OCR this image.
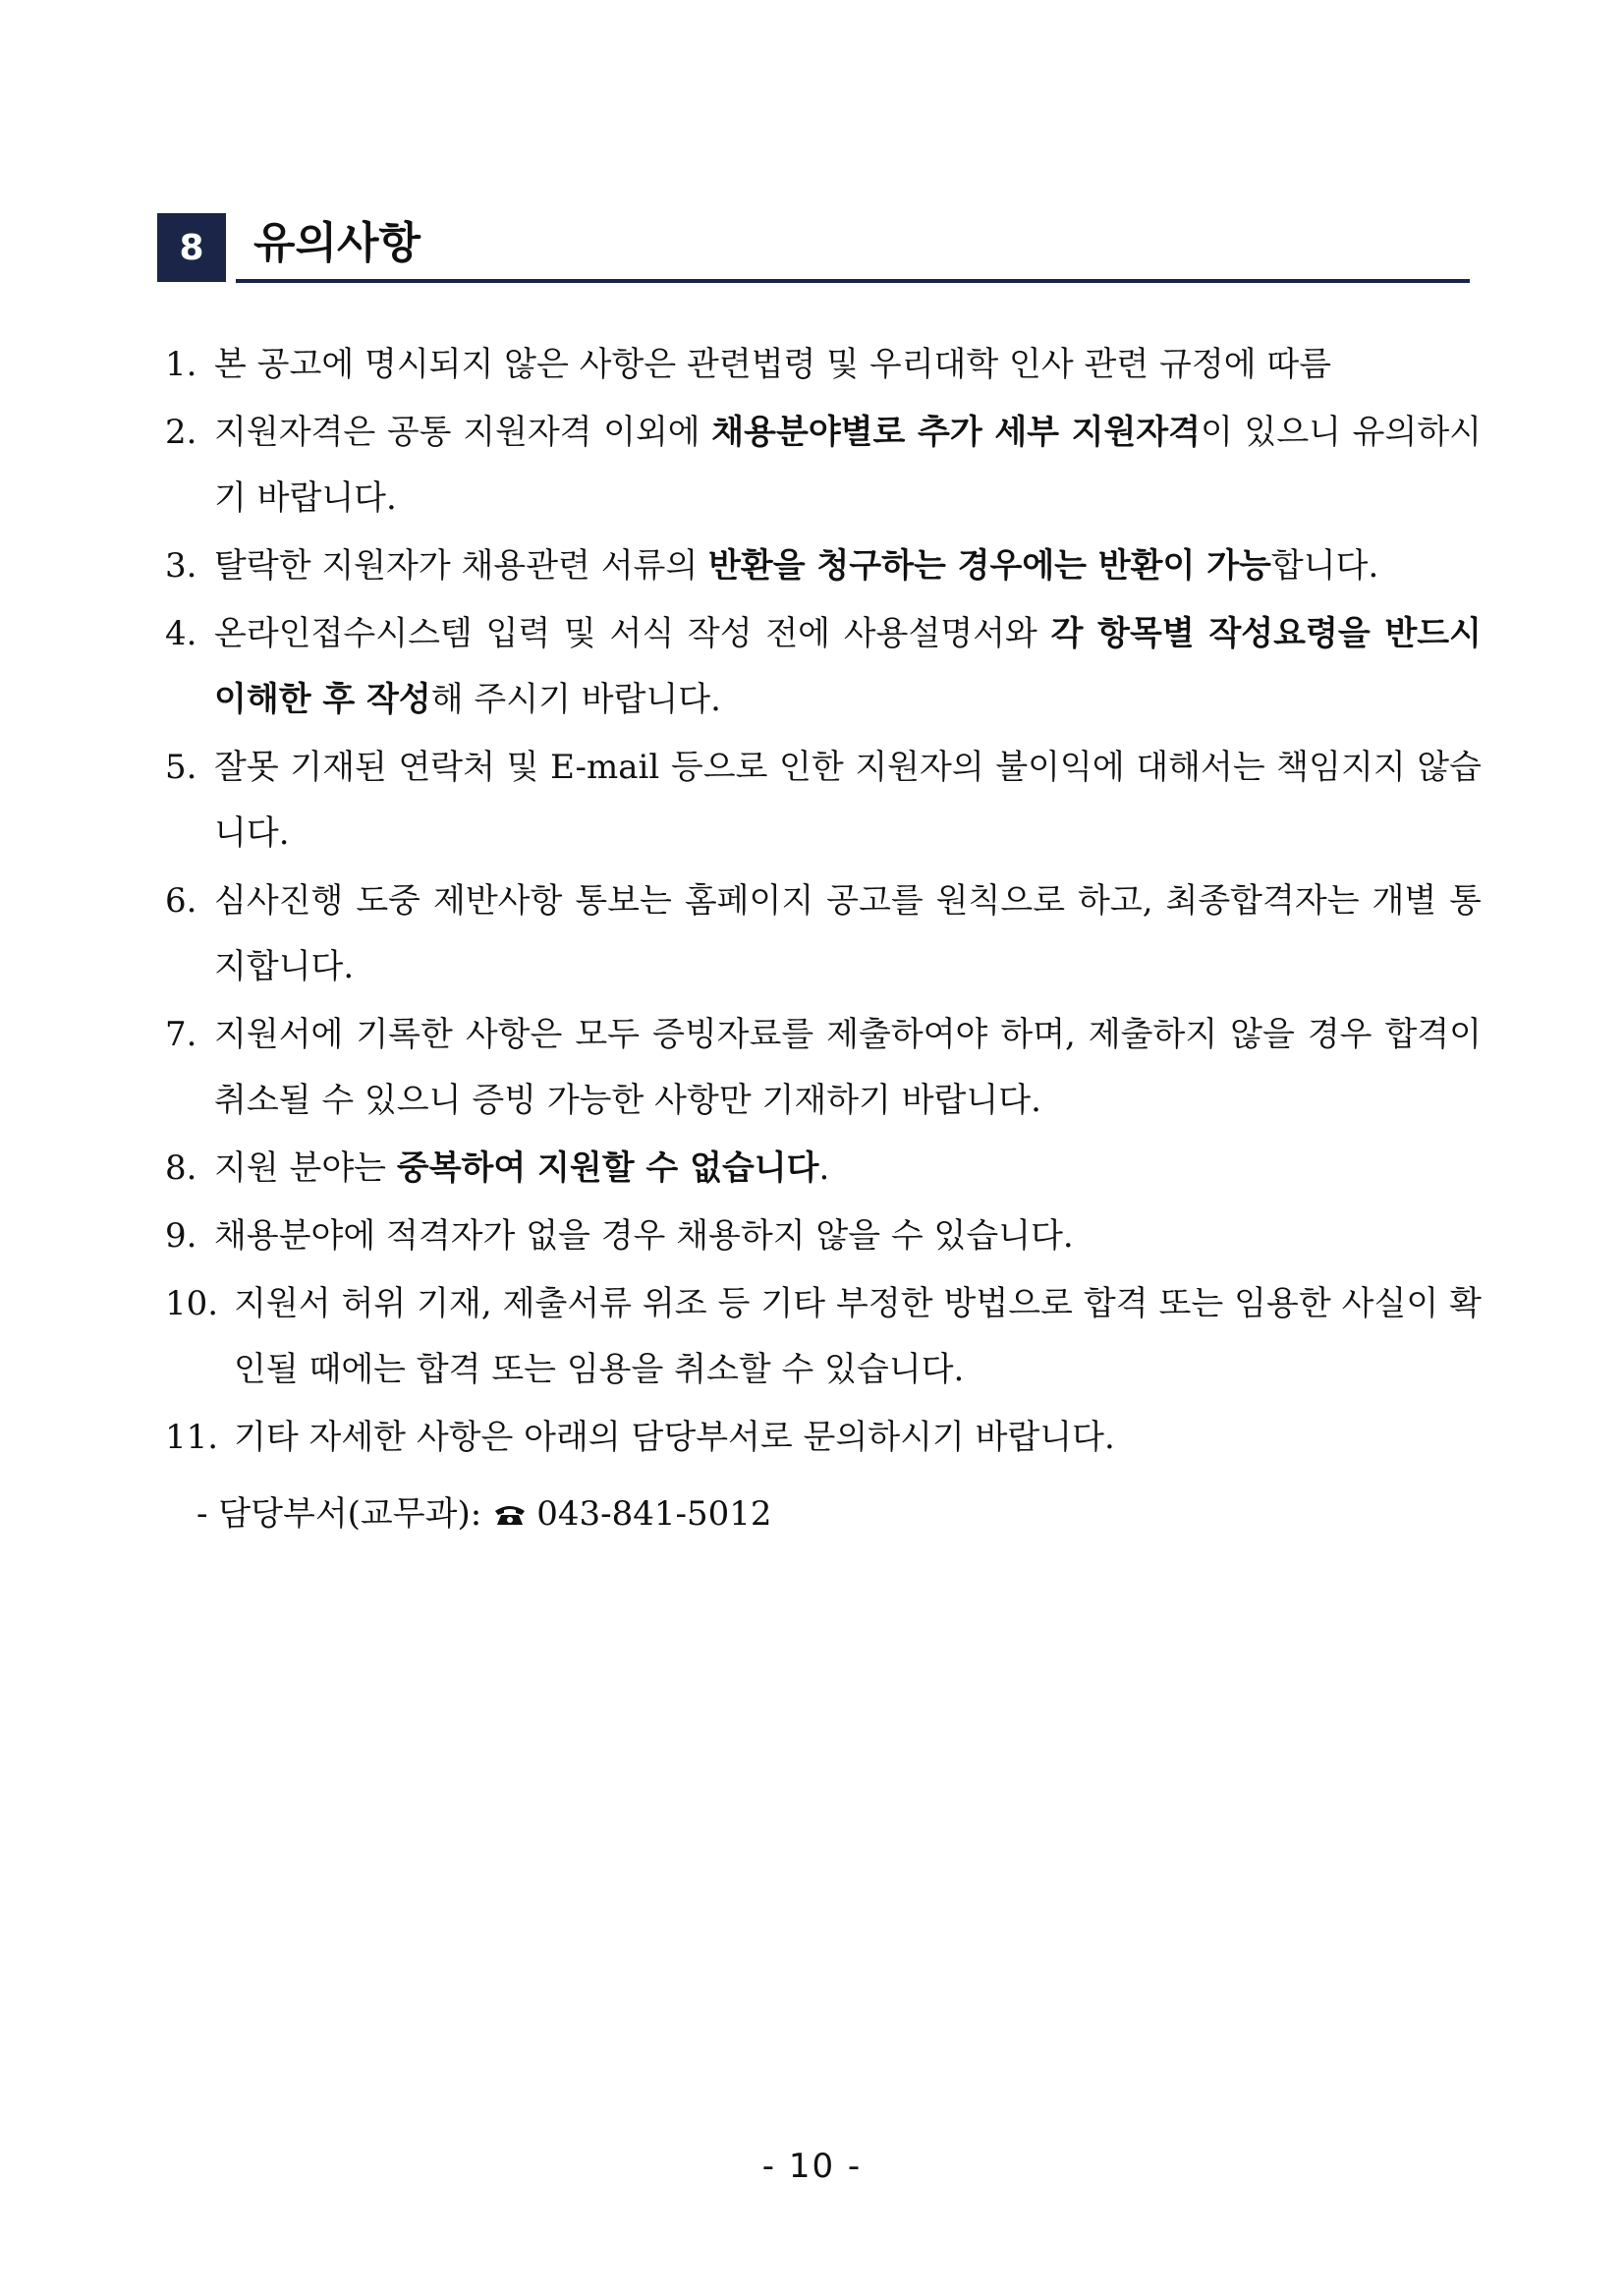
8 유의사항
1. 본 공고에 명시되지 않은 사항은 관련법령 및 우리대학 인사 관련 규정에 따름
2. 지원자격은 공통 지원자격 이외에 채용분야별로 추가 세부 지원자격이 있으니 유의하시기 바랍니다.
3. 탈락한 지원자가 채용관련 서류의 반환을 청구하는 경우에는 반환이 가능합니다.
4. 온라인접수시스템 입력 및 서식 작성 전에 사용설명서와 각 항목별 작성요령을 반드시 이해한 후 작성해 주시기 바랍니다.
5. 잘못 기재된 연락처 및 E-mail 등으로 인한 지원자의 불이익에 대해서는 책임지지 않습니다.
6. 심사진행 도중 제반사항 통보는 홈페이지 공고를 원칙으로 하고, 최종합격자는 개별 통지합니다.
7. 지원서에 기록한 사항은 모두 증빙자료를 제출하여야 하며, 제출하지 않을 경우 합격이 취소될 수 있으니 증빙 가능한 사항만 기재하기 바랍니다.
8. 지원 분야는 중복하여 지원할 수 없습니다.
9. 채용분야에 적격자가 없을 경우 채용하지 않을 수 있습니다.
10. 지원서 허위 기재, 제출서류 위조 등 기타 부정한 방법으로 합격 또는 임용한 사실이 확인될 때에는 합격 또는 임용을 취소할 수 있습니다.
11. 기타 자세한 사항은 아래의 담당부서로 문의하시기 바랍니다.
- 담당부서(교무과): 043-841-5012
- 10 -
